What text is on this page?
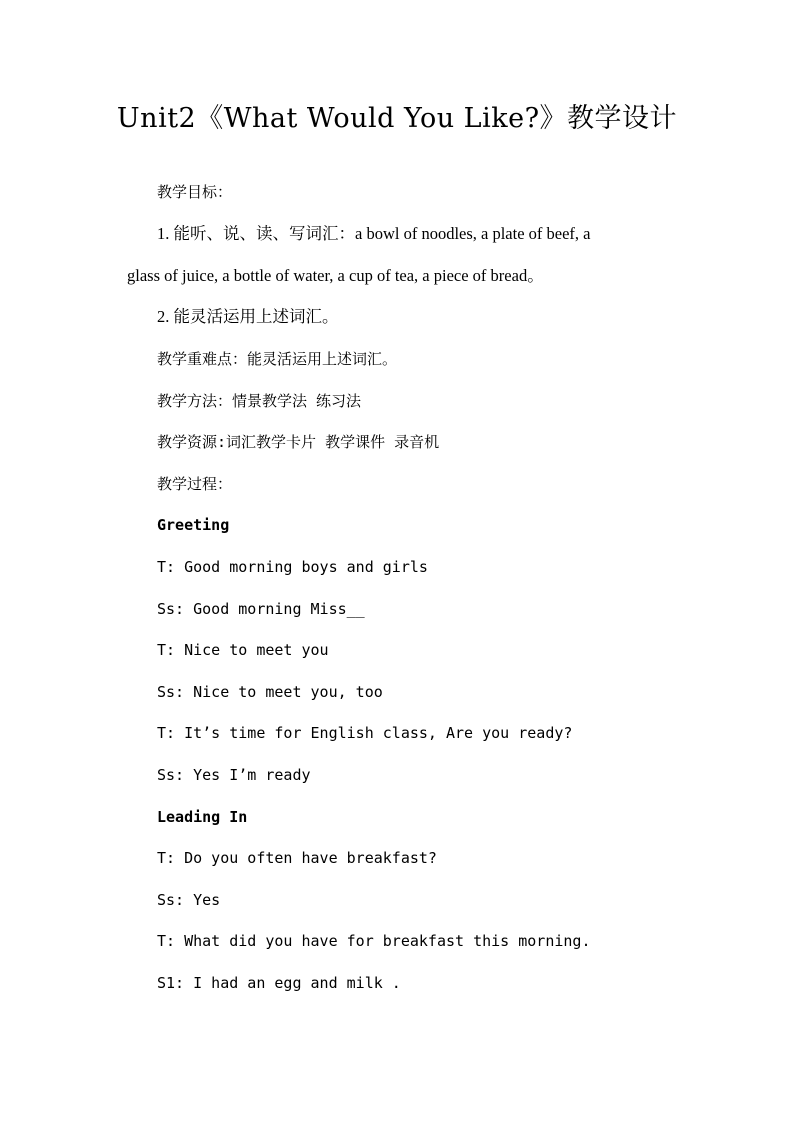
Unit2《What Would You Like?》教学设计
教学目标：
1. 能听、说、读、写词汇：a bowl of noodles, a plate of beef, a
glass of juice, a bottle of water, a cup of tea, a piece of bread。
2. 能灵活运用上述词汇。
教学重难点：能灵活运用上述词汇。
教学方法：情景教学法 练习法
教学资源:词汇教学卡片 教学课件 录音机
教学过程：
Greeting
T: Good morning boys and girls
Ss: Good morning Miss__
T: Nice to meet you
Ss: Nice to meet you, too
T: It’s time for English class, Are you ready?
Ss: Yes I’m ready
Leading In
T: Do you often have breakfast?
Ss: Yes
T: What did you have for breakfast this morning.
S1: I had an egg and milk .
